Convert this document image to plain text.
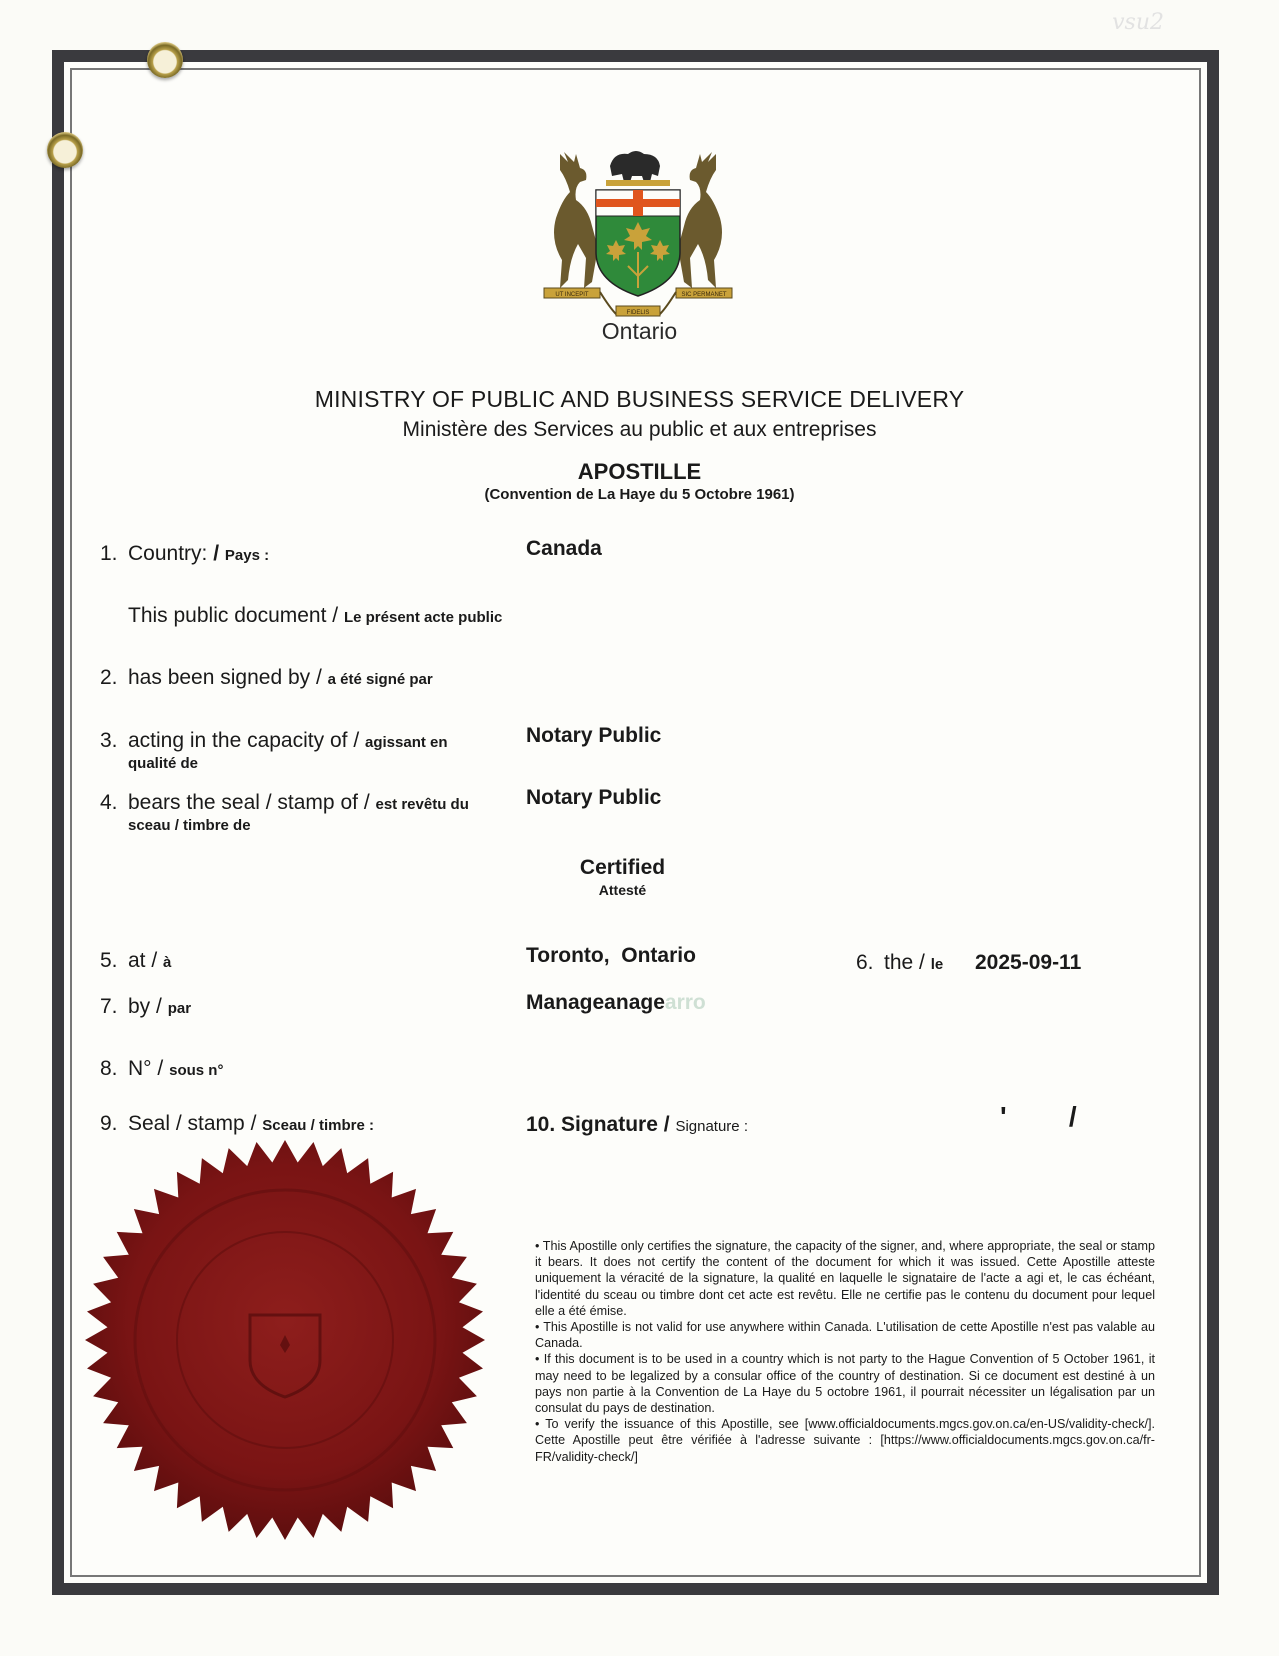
vsu2
UT INCEPIT
FIDELIS
SIC PERMANET
Ontario
MINISTRY OF PUBLIC AND BUSINESS SERVICE DELIVERY
Ministère des Services au public et aux entreprises
APOSTILLE
(Convention de La Haye du 5 Octobre 1961)
1. Country: / Pays :	Canada
This public document / Le présent acte public
2. has been signed by / a été signé par
3. acting in the capacity of / agissant en
qualité de
Notary Public
4. bears the seal / stamp of / est revêtu du
sceau / timbre de
Notary Public
Certified
Attesté
5. at / à	Toronto,  Ontario	6. the / le 2025-09-11
7. by / par	Manageanagearro
8. N° / sous n°
9. Seal / stamp / Sceau / timbre :	10. Signature / Signature :	'        /

• This Apostille only certifies the signature, the capacity of the signer, and, where appropriate, the seal or stamp it bears. It does not certify the content of the document for which it was issued. Cette Apostille atteste uniquement la véracité de la signature, la qualité en laquelle le signataire de l'acte a agi et, le cas échéant, l'identité du sceau ou timbre dont cet acte est revêtu. Elle ne certifie pas le contenu du document pour lequel elle a été émise.

• This Apostille is not valid for use anywhere within Canada. L'utilisation de cette Apostille n'est pas valable au Canada.

• If this document is to be used in a country which is not party to the Hague Convention of 5 October 1961, it may need to be legalized by a consular office of the country of destination. Si ce document est destiné à un pays non partie à la Convention de La Haye du 5 octobre 1961, il pourrait nécessiter un légalisation par un consulat du pays de destination.

• To verify the issuance of this Apostille, see [www.officialdocuments.mgcs.gov.on.ca/en-US/validity-check/]. Cette Apostille peut être vérifiée à l'adresse suivante : [https://www.officialdocuments.mgcs.gov.on.ca/fr-FR/validity-check/]
